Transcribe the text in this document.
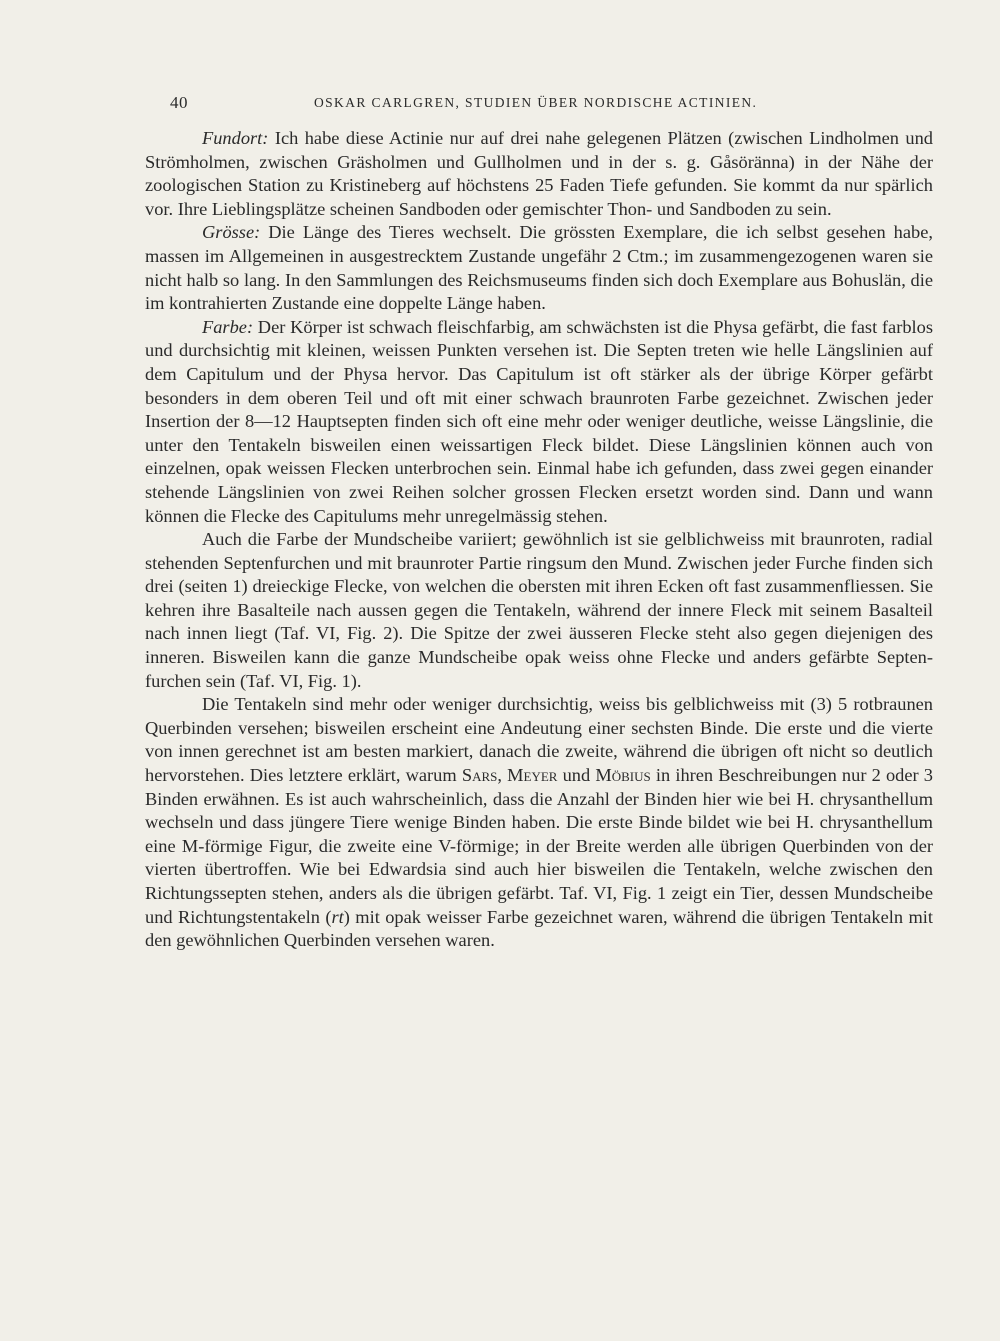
40	OSKAR CARLGREN, STUDIEN ÜBER NORDISCHE ACTINIEN.

Fundort: Ich habe diese Actinie nur auf drei nahe gelegenen Plätzen (zwischen Lindholmen und Strömholmen, zwischen Gräsholmen und Gullholmen und in der s. g. Gåsöränna) in der Nähe der zoologischen Station zu Kristineberg auf höchstens 25 Faden Tiefe gefunden. Sie kommt da nur spärlich vor. Ihre Lieblingsplätze scheinen Sandboden oder gemischter Thon- und Sandboden zu sein.

Grösse: Die Länge des Tieres wechselt. Die grössten Exemplare, die ich selbst gesehen habe, massen im Allgemeinen in ausgestrecktem Zustande ungefähr 2 Ctm.; im zusammengezogenen waren sie nicht halb so lang. In den Sammlungen des Reichsmuseums finden sich doch Exemplare aus Bohuslän, die im kontrahierten Zustande eine doppelte Länge haben.

Farbe: Der Körper ist schwach fleischfarbig, am schwächsten ist die Physa gefärbt, die fast farblos und durchsichtig mit kleinen, weissen Punkten versehen ist. Die Septen treten wie helle Längslinien auf dem Capitulum und der Physa hervor. Das Capitulum ist oft stärker als der übrige Körper gefärbt besonders in dem oberen Teil und oft mit einer schwach braunroten Farbe gezeichnet. Zwischen jeder Insertion der 8—12 Hauptsepten finden sich oft eine mehr oder weniger deutliche, weisse Längslinie, die unter den Tentakeln bisweilen einen weissartigen Fleck bildet. Diese Längslinien können auch von einzelnen, opak weissen Flecken unterbrochen sein. Einmal habe ich gefunden, dass zwei gegen einander stehende Längslinien von zwei Reihen solcher grossen Flecken ersetzt worden sind. Dann und wann können die Flecke des Capitulums mehr unregelmässig stehen.

Auch die Farbe der Mundscheibe variiert; gewöhnlich ist sie gelblichweiss mit braunroten, radial stehenden Septenfurchen und mit braunroter Partie ringsum den Mund. Zwischen jeder Furche finden sich drei (seiten 1) dreieckige Flecke, von welchen die obersten mit ihren Ecken oft fast zusammenfliessen. Sie kehren ihre Basalteile nach aussen gegen die Tentakeln, während der innere Fleck mit seinem Basalteil nach innen liegt (Taf. VI, Fig. 2). Die Spitze der zwei äusseren Flecke steht also gegen diejenigen des inneren. Bisweilen kann die ganze Mundscheibe opak weiss ohne Flecke und anders gefärbte Septenfurchen sein (Taf. VI, Fig. 1).

Die Tentakeln sind mehr oder weniger durchsichtig, weiss bis gelblichweiss mit (3) 5 rotbraunen Querbinden versehen; bisweilen erscheint eine Andeutung einer sechsten Binde. Die erste und die vierte von innen gerechnet ist am besten markiert, danach die zweite, während die übrigen oft nicht so deutlich hervorstehen. Dies letztere erklärt, warum Sars, Meyer und Möbius in ihren Beschreibungen nur 2 oder 3 Binden erwähnen. Es ist auch wahrscheinlich, dass die Anzahl der Binden hier wie bei H. chrysanthellum wechseln und dass jüngere Tiere wenige Binden haben. Die erste Binde bildet wie bei H. chrysanthellum eine M-förmige Figur, die zweite eine V-förmige; in der Breite werden alle übrigen Querbinden von der vierten übertroffen. Wie bei Edwardsia sind auch hier bisweilen die Tentakeln, welche zwischen den Richtungssepten stehen, anders als die übrigen gefärbt. Taf. VI, Fig. 1 zeigt ein Tier, dessen Mundscheibe und Richtungstentakeln (rt) mit opak weisser Farbe gezeichnet waren, während die übrigen Tentakeln mit den gewöhnlichen Querbinden versehen waren.
